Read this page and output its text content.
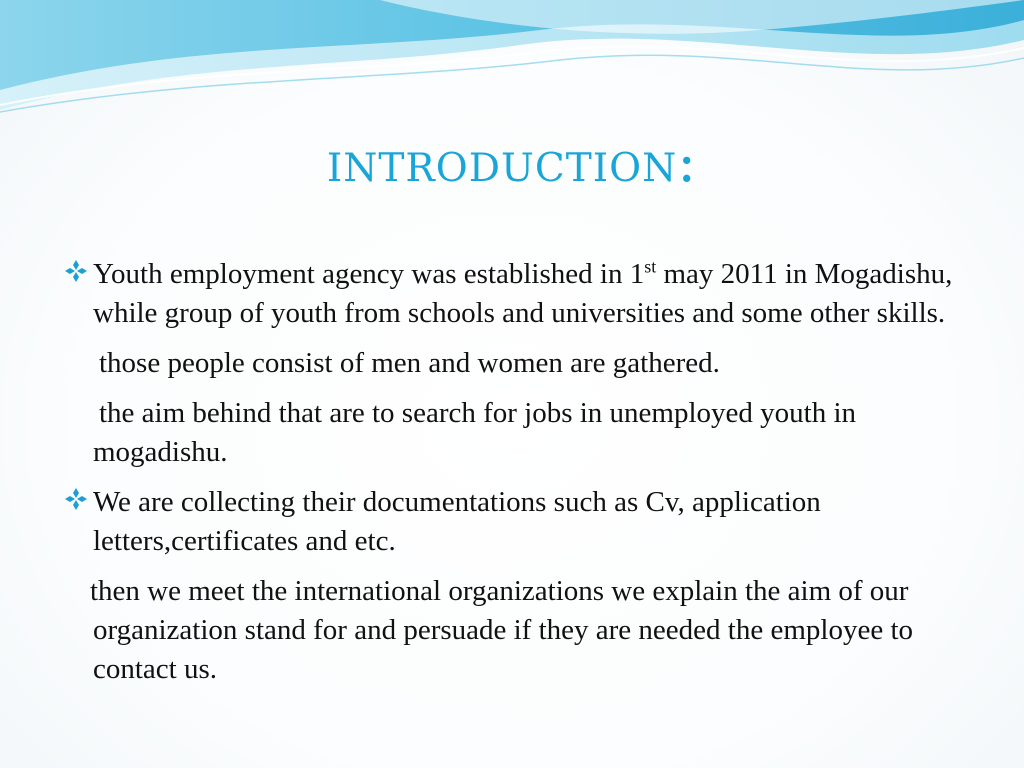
introduction:

Youth employment agency was established in 1st may 2011 in Mogadishu, while group of youth from schools and universities and some other skills.

those people consist of men and women are gathered.

the aim behind that are to search for jobs in unemployed youth in mogadishu.

We are collecting their documentations such as Cv, application letters,certificates and etc.

then we meet the international organizations we explain the aim of our organization stand for and persuade if they are needed the employee to contact us.
